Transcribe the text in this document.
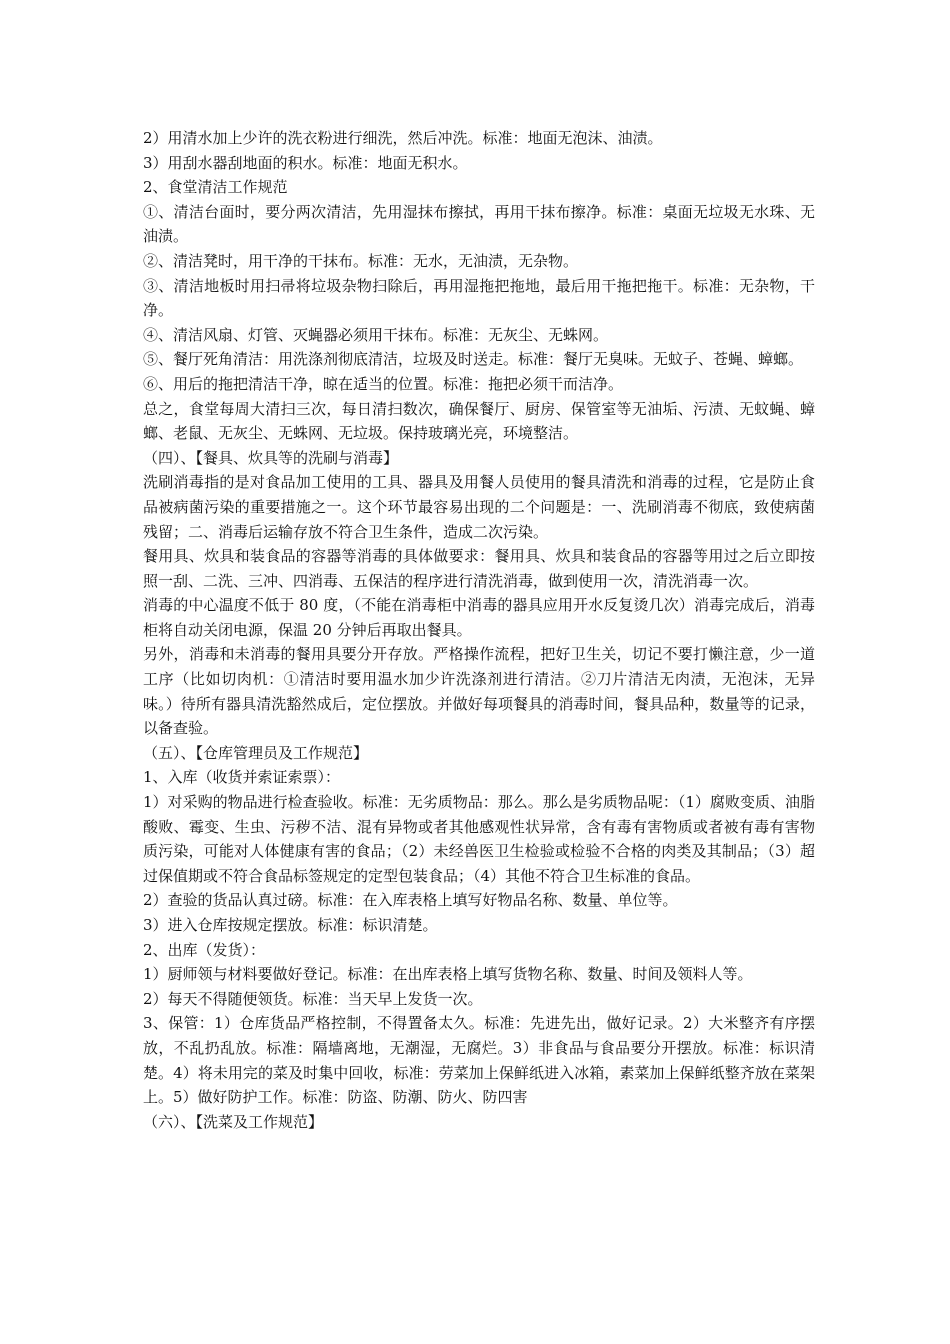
2）用清水加上少许的洗衣粉进行细洗，然后冲洗。标准：地面无泡沫、油渍。

3）用刮水器刮地面的积水。标准：地面无积水。

2、食堂清洁工作规范

①、清洁台面时，要分两次清洁，先用湿抹布擦拭，再用干抹布擦净。标准：桌面无垃圾无水珠、无油渍。

②、清洁凳时，用干净的干抹布。标准：无水，无油渍，无杂物。

③、清洁地板时用扫帚将垃圾杂物扫除后，再用湿拖把拖地，最后用干拖把拖干。标准：无杂物，干净。

④、清洁风扇、灯管、灭蝇器必须用干抹布。标准：无灰尘、无蛛网。

⑤、餐厅死角清洁：用洗涤剂彻底清洁，垃圾及时送走。标准：餐厅无臭味。无蚊子、苍蝇、蟑螂。

⑥、用后的拖把清洁干净，晾在适当的位置。标准：拖把必须干而洁净。

总之，食堂每周大清扫三次，每日清扫数次，确保餐厅、厨房、保管室等无油垢、污渍、无蚊蝇、蟑螂、老鼠、无灰尘、无蛛网、无垃圾。保持玻璃光亮，环境整洁。

（四）、【餐具、炊具等的洗刷与消毒】

洗刷消毒指的是对食品加工使用的工具、器具及用餐人员使用的餐具清洗和消毒的过程，它是防止食品被病菌污染的重要措施之一。这个环节最容易出现的二个问题是：一、洗刷消毒不彻底，致使病菌残留；二、消毒后运输存放不符合卫生条件，造成二次污染。

餐用具、炊具和装食品的容器等消毒的具体做要求：餐用具、炊具和装食品的容器等用过之后立即按照一刮、二洗、三冲、四消毒、五保洁的程序进行清洗消毒，做到使用一次，清洗消毒一次。

消毒的中心温度不低于 80 度，（不能在消毒柜中消毒的器具应用开水反复烫几次）消毒完成后，消毒柜将自动关闭电源，保温 20 分钟后再取出餐具。

另外，消毒和未消毒的餐用具要分开存放。严格操作流程，把好卫生关，切记不要打懒注意，少一道工序（比如切肉机：①清洁时要用温水加少许洗涤剂进行清洁。②刀片清洁无肉渍，无泡沫，无异味。）待所有器具清洗豁然成后，定位摆放。并做好每项餐具的消毒时间，餐具品种，数量等的记录，以备查验。

（五）、【仓库管理员及工作规范】

1、入库（收货并索证索票）：

1）对采购的物品进行检查验收。标准：无劣质物品：那么。那么是劣质物品呢：（1）腐败变质、油脂酸败、霉变、生虫、污秽不洁、混有异物或者其他感观性状异常，含有毒有害物质或者被有毒有害物质污染，可能对人体健康有害的食品；（2）未经兽医卫生检验或检验不合格的肉类及其制品；（3）超过保值期或不符合食品标签规定的定型包装食品；（4）其他不符合卫生标准的食品。

2）查验的货品认真过磅。标准：在入库表格上填写好物品名称、数量、单位等。

3）进入仓库按规定摆放。标准：标识清楚。

2、出库（发货）：

1）厨师领与材料要做好登记。标准：在出库表格上填写货物名称、数量、时间及领料人等。

2）每天不得随便领货。标准：当天早上发货一次。

3、保管：1）仓库货品严格控制，不得置备太久。标准：先进先出，做好记录。2）大米整齐有序摆放，不乱扔乱放。标准：隔墙离地，无潮湿，无腐烂。3）非食品与食品要分开摆放。标准：标识清楚。4）将未用完的菜及时集中回收，标准：劳菜加上保鲜纸进入冰箱，素菜加上保鲜纸整齐放在菜架上。5）做好防护工作。标准：防盗、防潮、防火、防四害

（六）、【洗菜及工作规范】
